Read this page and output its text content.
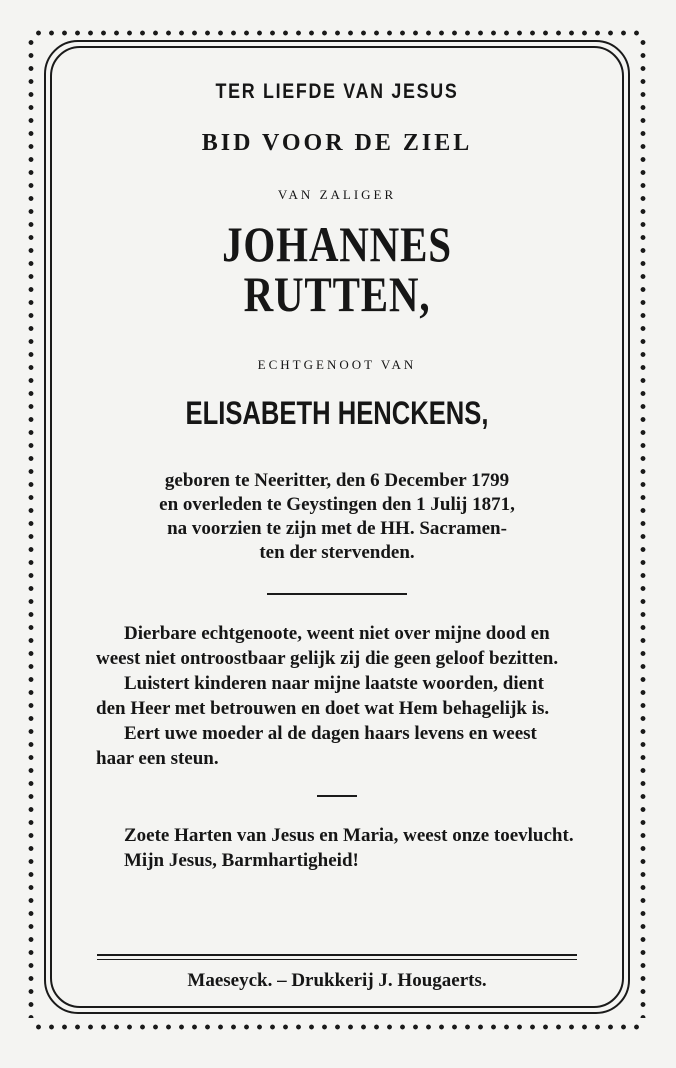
TER LIEFDE VAN JESUS
BID VOOR DE ZIEL
VAN ZALIGER
JOHANNES RUTTEN,
ECHTGENOOT VAN
ELISABETH HENCKENS,
geboren te Neeritter, den 6 December 1799
en overleden te Geystingen den 1 Julij 1871,
na voorzien te zijn met de HH. Sacramen-
ten der stervenden.

Dierbare echtgenoote, weent niet over mijne dood en weest niet ontroostbaar gelijk zij die geen geloof bezitten.

Luistert kinderen naar mijne laatste woorden, dient den Heer met betrouwen en doet wat Hem behagelijk is.

Eert uwe moeder al de dagen haars levens en weest haar een steun.

Zoete Harten van Jesus en Maria, weest onze toevlucht.

Mijn Jesus, Barmhartigheid!

Maeseyck. – Drukkerij J. Hougaerts.
